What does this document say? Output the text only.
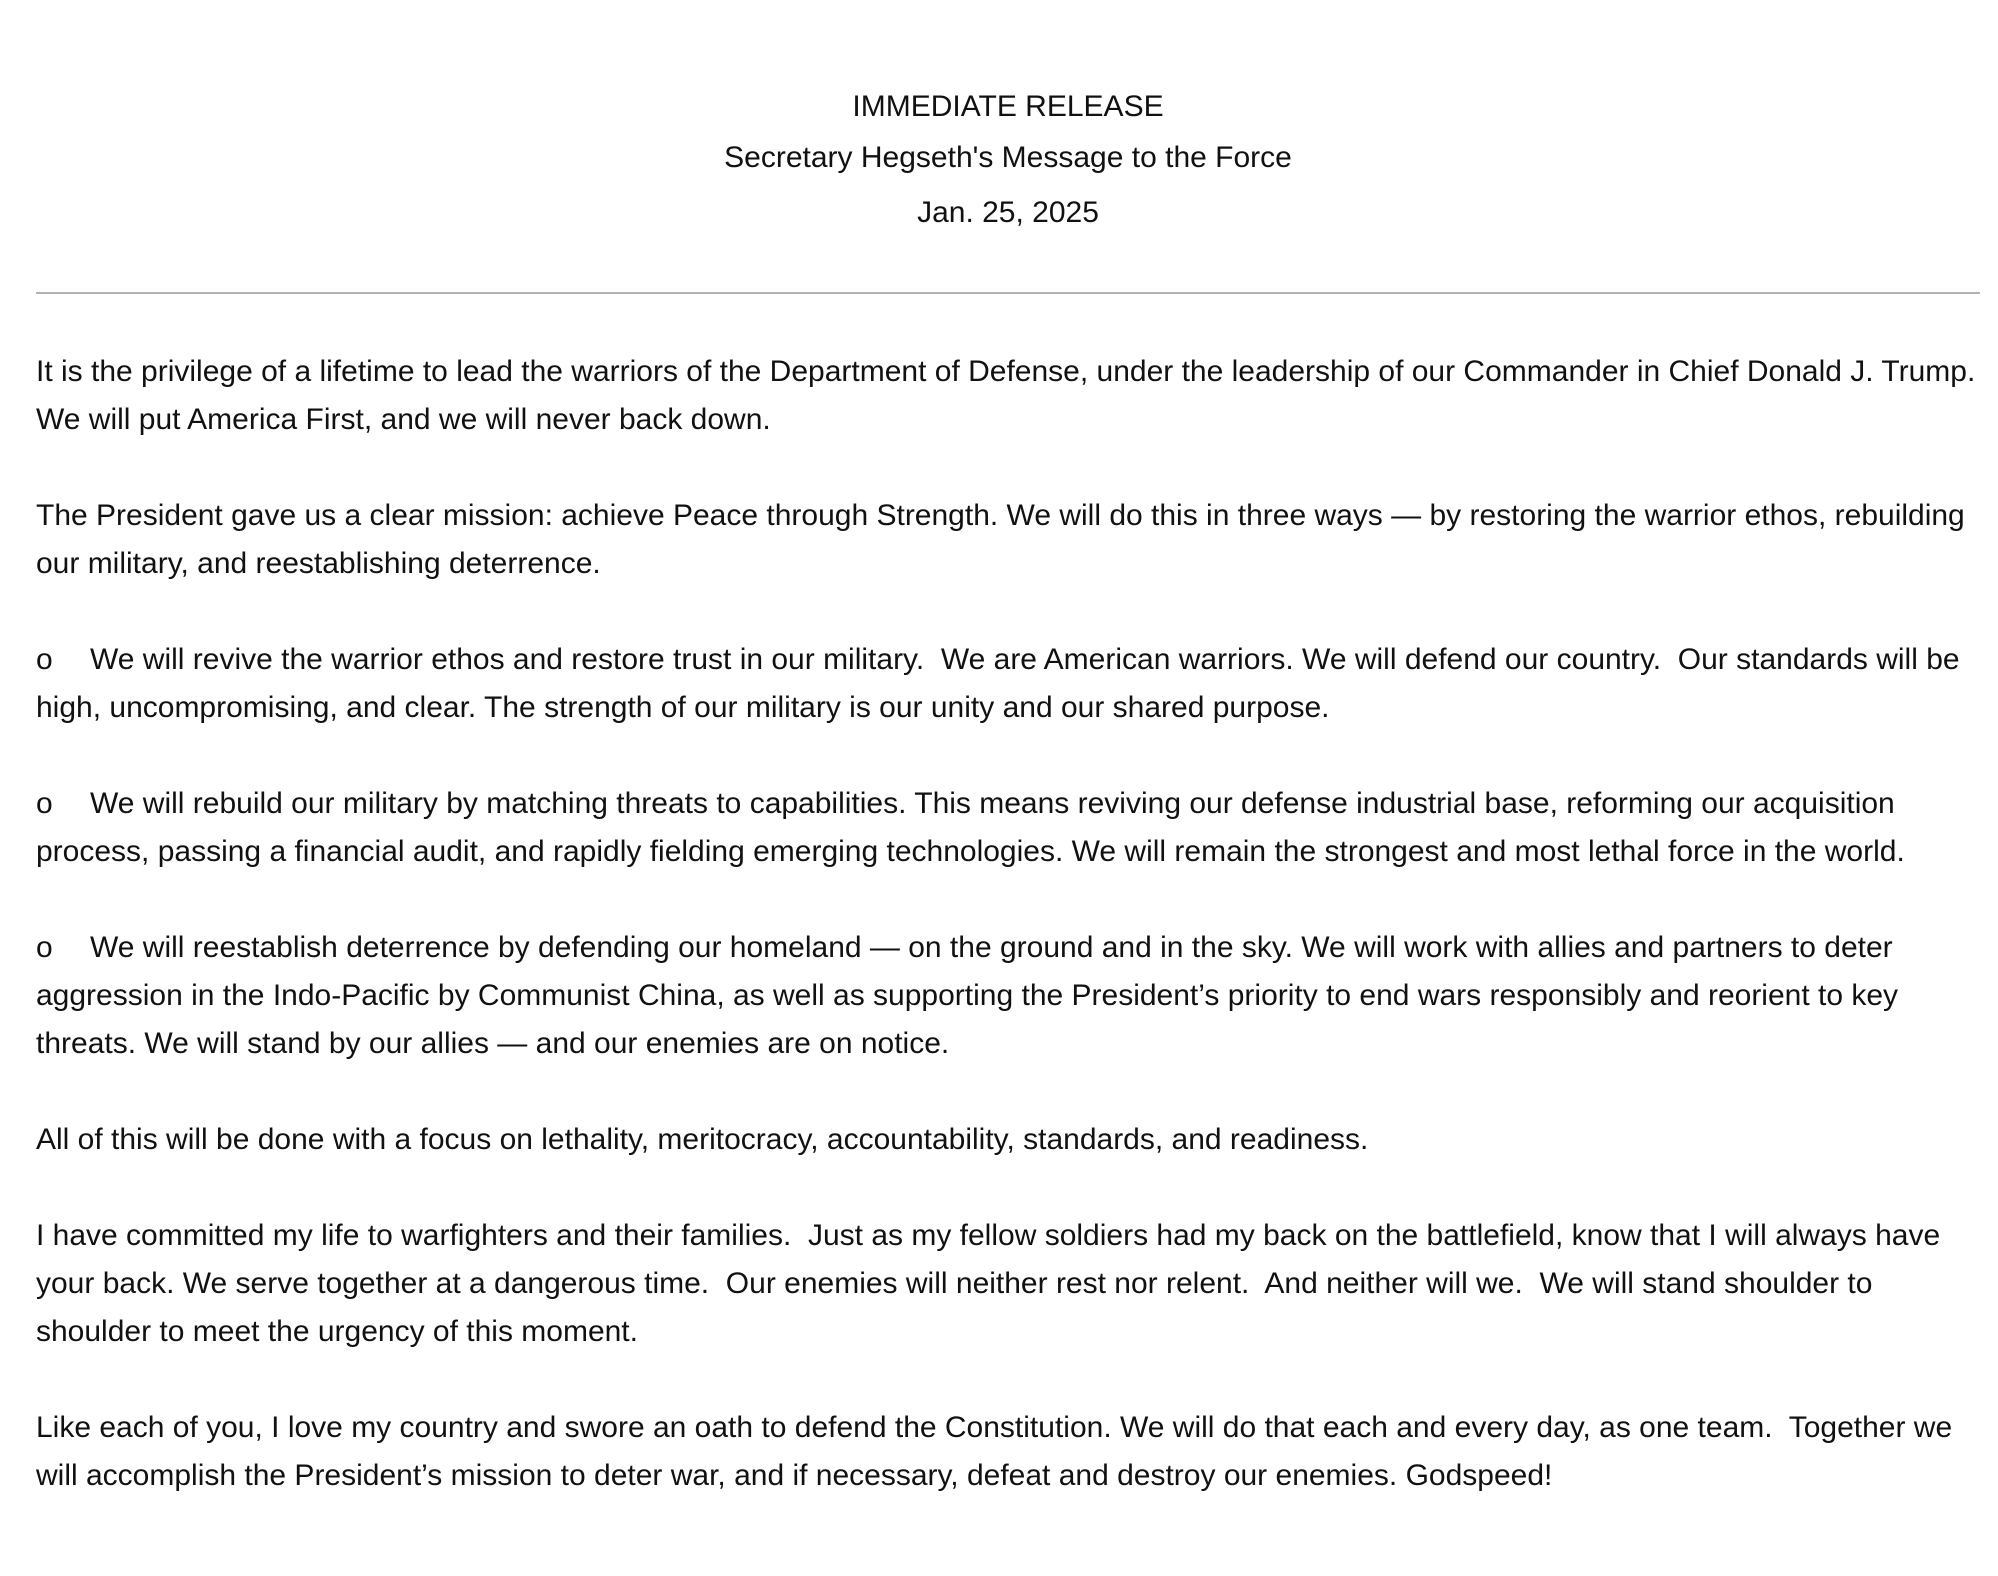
IMMEDIATE RELEASE
Secretary Hegseth's Message to the Force
Jan. 25, 2025

It is the privilege of a lifetime to lead the warriors of the Department of Defense, under the leadership of our Commander in Chief Donald J. Trump. We will put America First, and we will never back down.

The President gave us a clear mission: achieve Peace through Strength. We will do this in three ways — by restoring the warrior ethos, rebuilding our military, and reestablishing deterrence.

o We will revive the warrior ethos and restore trust in our military.  We are American warriors. We will defend our country.  Our standards will be high, uncompromising, and clear. The strength of our military is our unity and our shared purpose.

o We will rebuild our military by matching threats to capabilities. This means reviving our defense industrial base, reforming our acquisition process, passing a financial audit, and rapidly fielding emerging technologies. We will remain the strongest and most lethal force in the world.

o We will reestablish deterrence by defending our homeland — on the ground and in the sky. We will work with allies and partners to deter aggression in the Indo-Pacific by Communist China, as well as supporting the President’s priority to end wars responsibly and reorient to key threats. We will stand by our allies — and our enemies are on notice.

All of this will be done with a focus on lethality, meritocracy, accountability, standards, and readiness.

I have committed my life to warfighters and their families.  Just as my fellow soldiers had my back on the battlefield, know that I will always have your back. We serve together at a dangerous time.  Our enemies will neither rest nor relent.  And neither will we.  We will stand shoulder to shoulder to meet the urgency of this moment.

Like each of you, I love my country and swore an oath to defend the Constitution. We will do that each and every day, as one team.  Together we will accomplish the President’s mission to deter war, and if necessary, defeat and destroy our enemies. Godspeed!
